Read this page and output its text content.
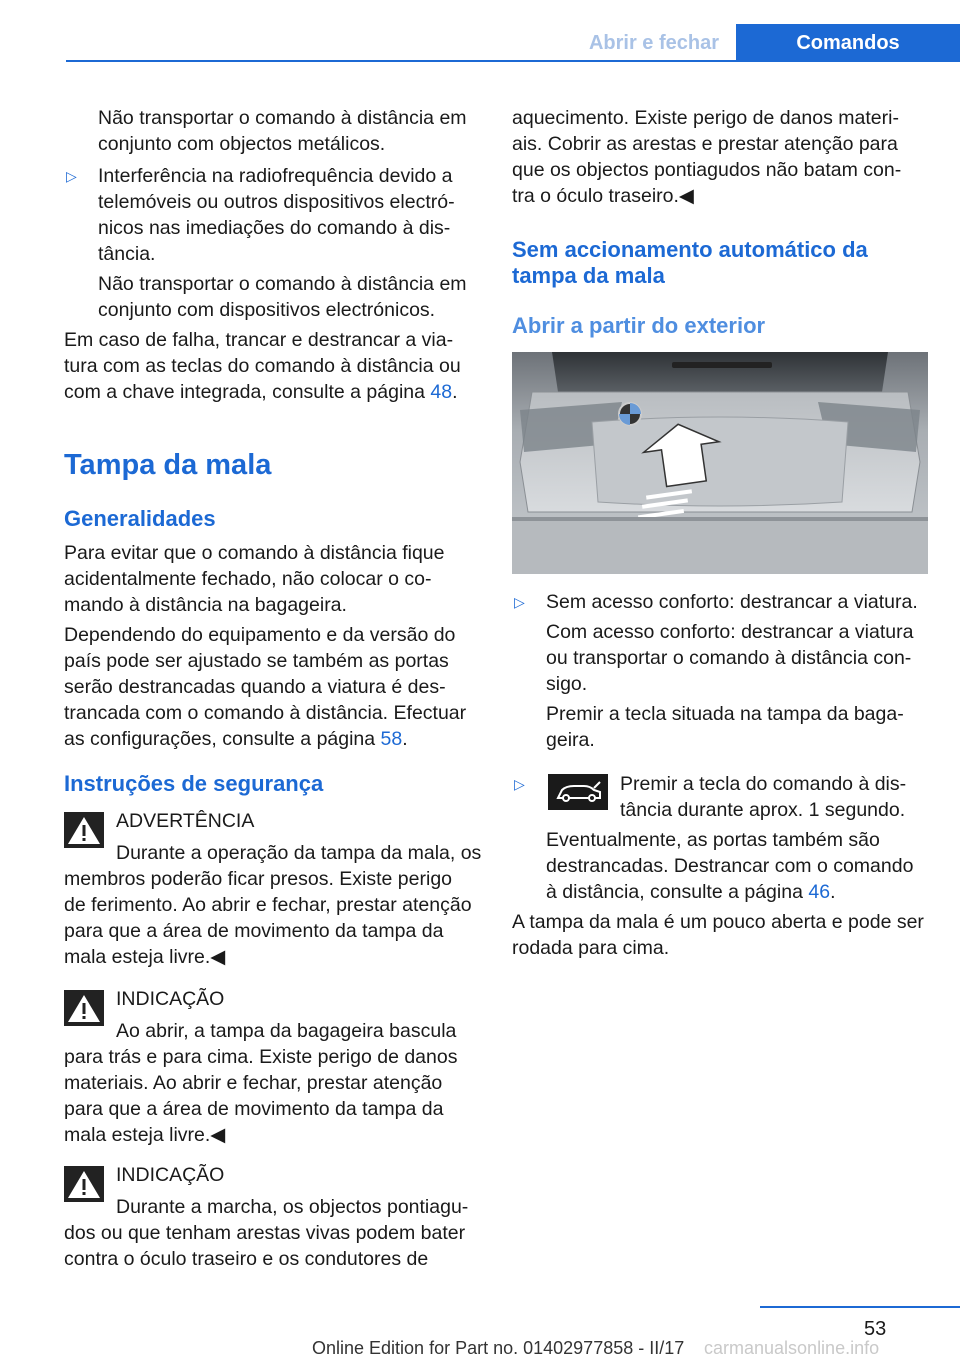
Abrir e fechar	Comandos
Não transportar o comando à distância em
conjunto com objectos metálicos.
▷ Interferência na radiofrequência devido a
telemóveis ou outros dispositivos electró‐
nicos nas imediações do comando à dis‐
tância.
Não transportar o comando à distância em
conjunto com dispositivos electrónicos.
Em caso de falha, trancar e destrancar a via‐
tura com as teclas do comando à distância ou
com a chave integrada, consulte a página 48.
Tampa da mala
Generalidades
Para evitar que o comando à distância fique
acidentalmente fechado, não colocar o co‐
mando à distância na bagageira.
Dependendo do equipamento e da versão do
país pode ser ajustado se também as portas
serão destrancadas quando a viatura é des‐
trancada com o comando à distância. Efectuar
as configurações, consulte a página 58.
Instruções de segurança
ADVERTÊNCIA
Durante a operação da tampa da mala, os
membros poderão ficar presos. Existe perigo
de ferimento. Ao abrir e fechar, prestar atenção
para que a área de movimento da tampa da
mala esteja livre.◀
INDICAÇÃO
Ao abrir, a tampa da bagageira bascula
para trás e para cima. Existe perigo de danos
materiais. Ao abrir e fechar, prestar atenção
para que a área de movimento da tampa da
mala esteja livre.◀
INDICAÇÃO
Durante a marcha, os objectos pontiagu‐
dos ou que tenham arestas vivas podem bater
contra o óculo traseiro e os condutores de
aquecimento. Existe perigo de danos materi‐
ais. Cobrir as arestas e prestar atenção para
que os objectos pontiagudos não batam con‐
tra o óculo traseiro.◀
Sem accionamento automático da
tampa da mala
Abrir a partir do exterior
▷ Sem acesso conforto: destrancar a viatura.
Com acesso conforto: destrancar a viatura
ou transportar o comando à distância con‐
sigo.
Premir a tecla situada na tampa da baga‐
geira.
▷	Premir a tecla do comando à dis‐
tância durante aprox. 1 segundo.
Eventualmente, as portas também são
destrancadas. Destrancar com o comando
à distância, consulte a página 46.
A tampa da mala é um pouco aberta e pode ser
rodada para cima.
53
Online Edition for Part no. 01402977858 - II/17 carmanualsonline.info
